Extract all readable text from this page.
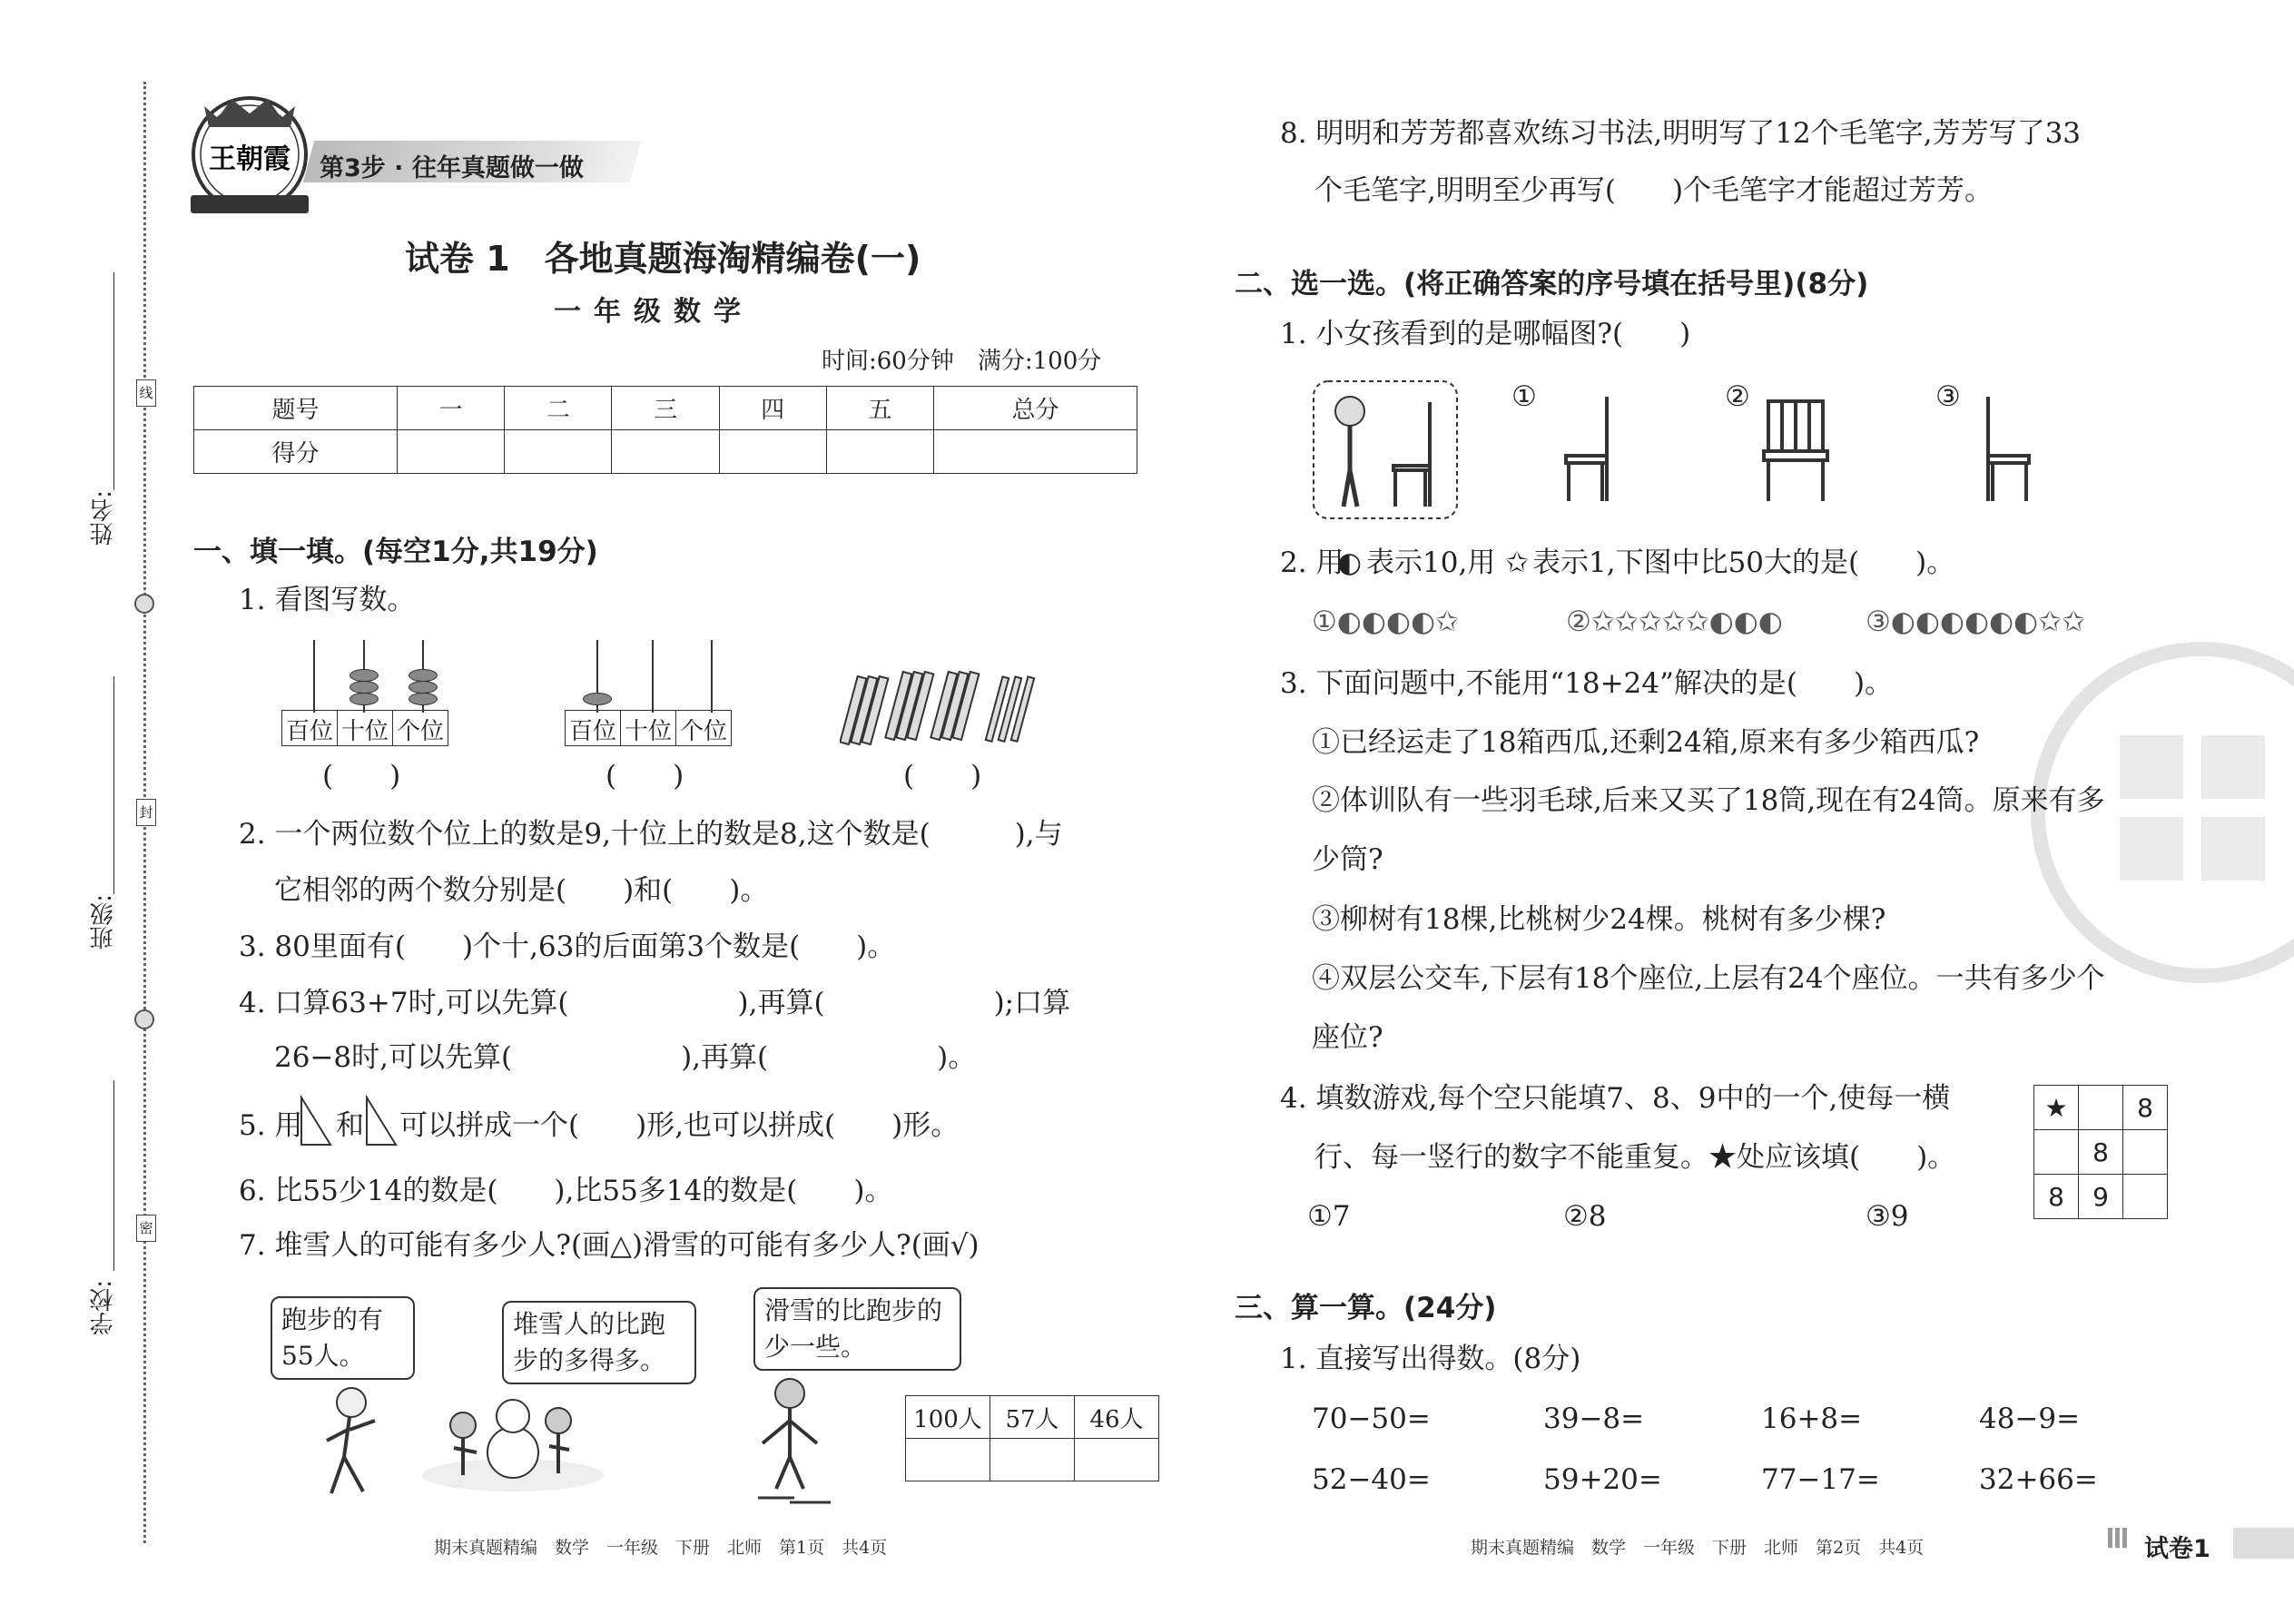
姓名:
班级:
学校:
线
封
密
王朝霞 第3步 · 往年真题做一做
试卷 1　各地真题海淘精编卷(一)
一年级数学
时间:60分钟　满分:100分
题号	一	二	三	四	五	总分
得分						
一、填一填。(每空1分,共19分)
1. 看图写数。
百位 十位 个位
(　　)
百位 十位 个位
(　　)	(　　)
2. 一个两位数个位上的数是9,十位上的数是8,这个数是(　　　),与
它相邻的两个数分别是(　　)和(　　)。
3. 80里面有(　　)个十,63的后面第3个数是(　　)。
4. 口算63+7时,可以先算(　　　　　　),再算(　　　　　　);口算
26−8时,可以先算(　　　　　　),再算(　　　　　　)。
5. 用 和 可以拼成一个(　　)形,也可以拼成(　　)形。
6. 比55少14的数是(　　),比55多14的数是(　　)。
7. 堆雪人的可能有多少人?(画△)滑雪的可能有多少人?(画√)
跑步的有55人。
堆雪人的比跑步的多得多。
滑雪的比跑步的少一些。
100人	57人	46人

期末真题精编　数学　一年级　下册　北师　第1页　共4页
8. 明明和芳芳都喜欢练习书法,明明写了12个毛笔字,芳芳写了33
个毛笔字,明明至少再写(　　)个毛笔字才能超过芳芳。
二、选一选。(将正确答案的序号填在括号里)(8分)
1. 小女孩看到的是哪幅图?(　　)
①	②	③
2. 用
◐ 表示10,用 ✩ 表示1,下图中比50大的是(　　)。
①◐◐◐◐✩	②✩✩✩✩✩◐◐◐	③◐◐◐◐◐◐✩✩
3. 下面问题中,不能用“18+24”解决的是(　　)。
①已经运走了18箱西瓜,还剩24箱,原来有多少箱西瓜?
②体训队有一些羽毛球,后来又买了18筒,现在有24筒。原来有多
少筒?
③柳树有18棵,比桃树少24棵。桃树有多少棵?
④双层公交车,下层有18个座位,上层有24个座位。一共有多少个
座位?
4. 填数游戏,每个空只能填7、8、9中的一个,使每一横
行、每一竖行的数字不能重复。★处应该填(　　)。
①7	②8	③9
★		8
	8	
8	9	
三、算一算。(24分)
1. 直接写出得数。(8分)
70−50=	39−8=	16+8=	48−9=
52−40=	59+20=	77−17=	32+66=
期末真题精编　数学　一年级　下册　北师　第2页　共4页	试卷1
